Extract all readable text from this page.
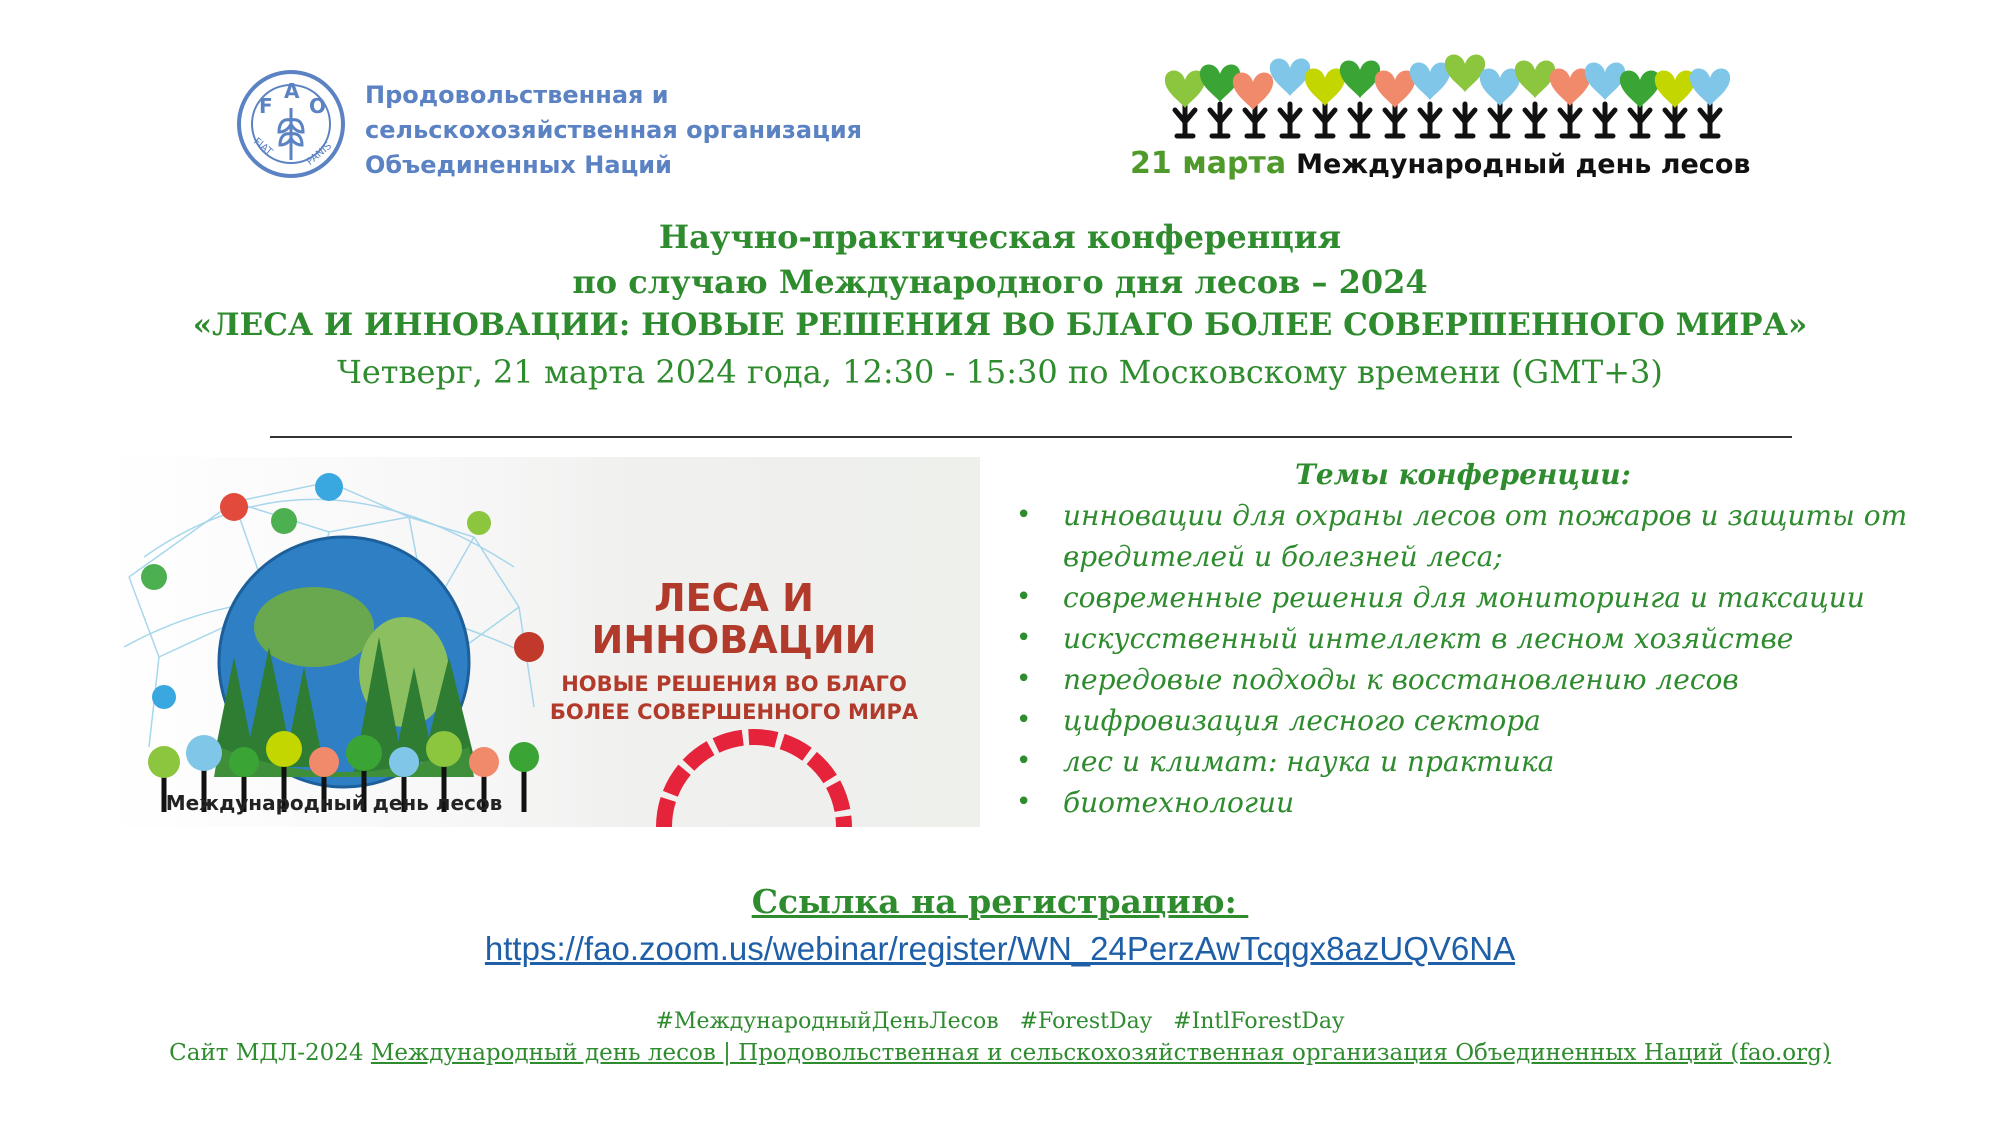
F
A
O
FIAT	PANIS
Продовольственная и
сельскохозяйственная организация
Объединенных Наций	21 марта Международный день лесов
Научно-практическая конференция
по случаю Международного дня лесов – 2024
«ЛЕСА И ИННОВАЦИИ: НОВЫЕ РЕШЕНИЯ ВО БЛАГО БОЛЕЕ СОВЕРШЕННОГО МИРА»
Четверг, 21 марта 2024 года, 12:30 - 15:30 по Московскому времени (GMT+3)
ЛЕСА И
ИННОВАЦИИ
НОВЫЕ РЕШЕНИЯ ВО БЛАГО
БОЛЕЕ СОВЕРШЕННОГО МИРА
Международный день лесов
Темы конференции:
• инновации для охраны лесов от пожаров и защиты от вредителей и болезней леса;
• современные решения для мониторинга и таксации
• искусственный интеллект в лесном хозяйстве
• передовые подходы к восстановлению лесов
• цифровизация лесного сектора
• лес и климат: наука и практика
• биотехнологии
Ссылка на регистрацию:
https://fao.zoom.us/webinar/register/WN_24PerzAwTcqgx8azUQV6NA
#МеждународныйДеньЛесов   #ForestDay   #IntlForestDay
Сайт МДЛ-2024 Международный день лесов | Продовольственная и сельскохозяйственная организация Объединенных Наций (fao.org)
